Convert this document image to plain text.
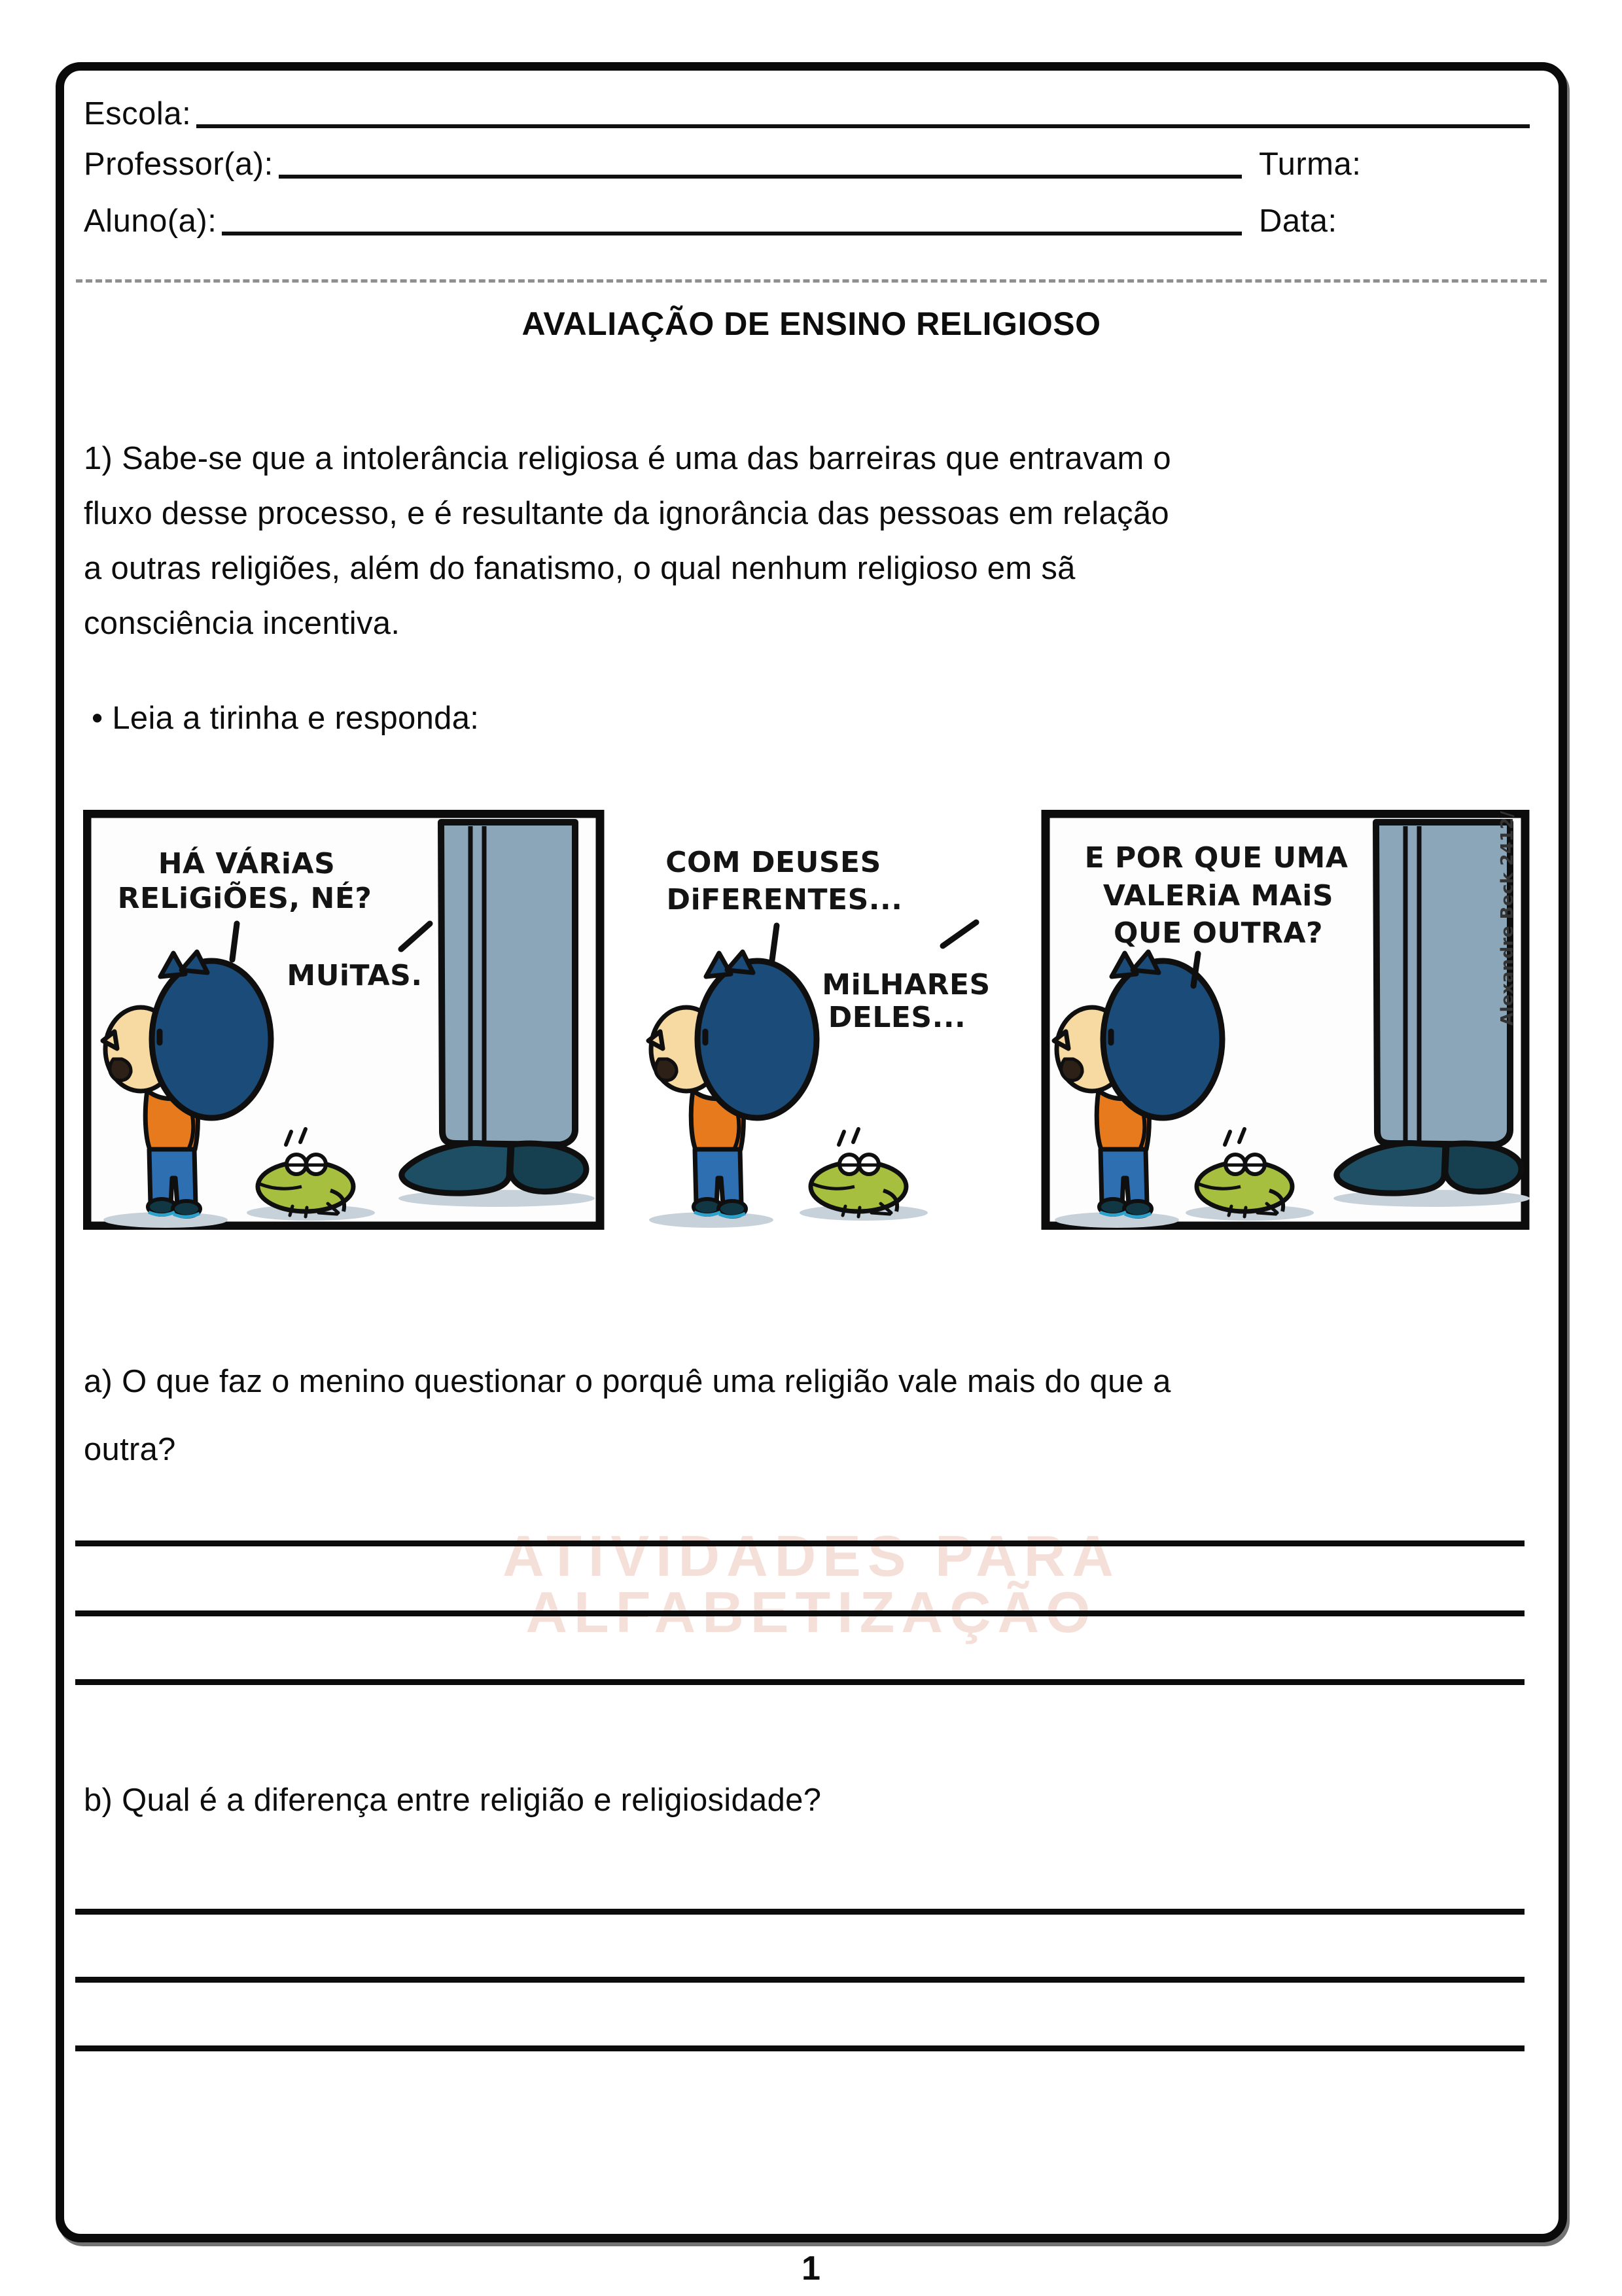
Escola:
Professor(a):	Turma:
Aluno(a):	Data:
AVALIAÇÃO DE ENSINO RELIGIOSO
1) Sabe-se que a intolerância religiosa é uma das barreiras que entravam o
fluxo desse processo, e é resultante da ignorância das pessoas em relação
a outras religiões, além do fanatismo, o qual nenhum religioso em sã
consciência incentiva.
• Leia a tirinha e responda:
HÁ VÁRiAS
RELiGiÕES, NÉ?
MUiTAS.
COM DEUSES
DiFERENTES...
MiLHARES
DELES...
E POR QUE UMA
VALERiA MAiS
QUE OUTRA?	Alexandre Beck 2412/17
ATIVIDADES PARA
ALFABETIZAÇÃO
a) O que faz o menino questionar o porquê uma religião vale mais do que a
outra?
b) Qual é a diferença entre religião e religiosidade?
1
